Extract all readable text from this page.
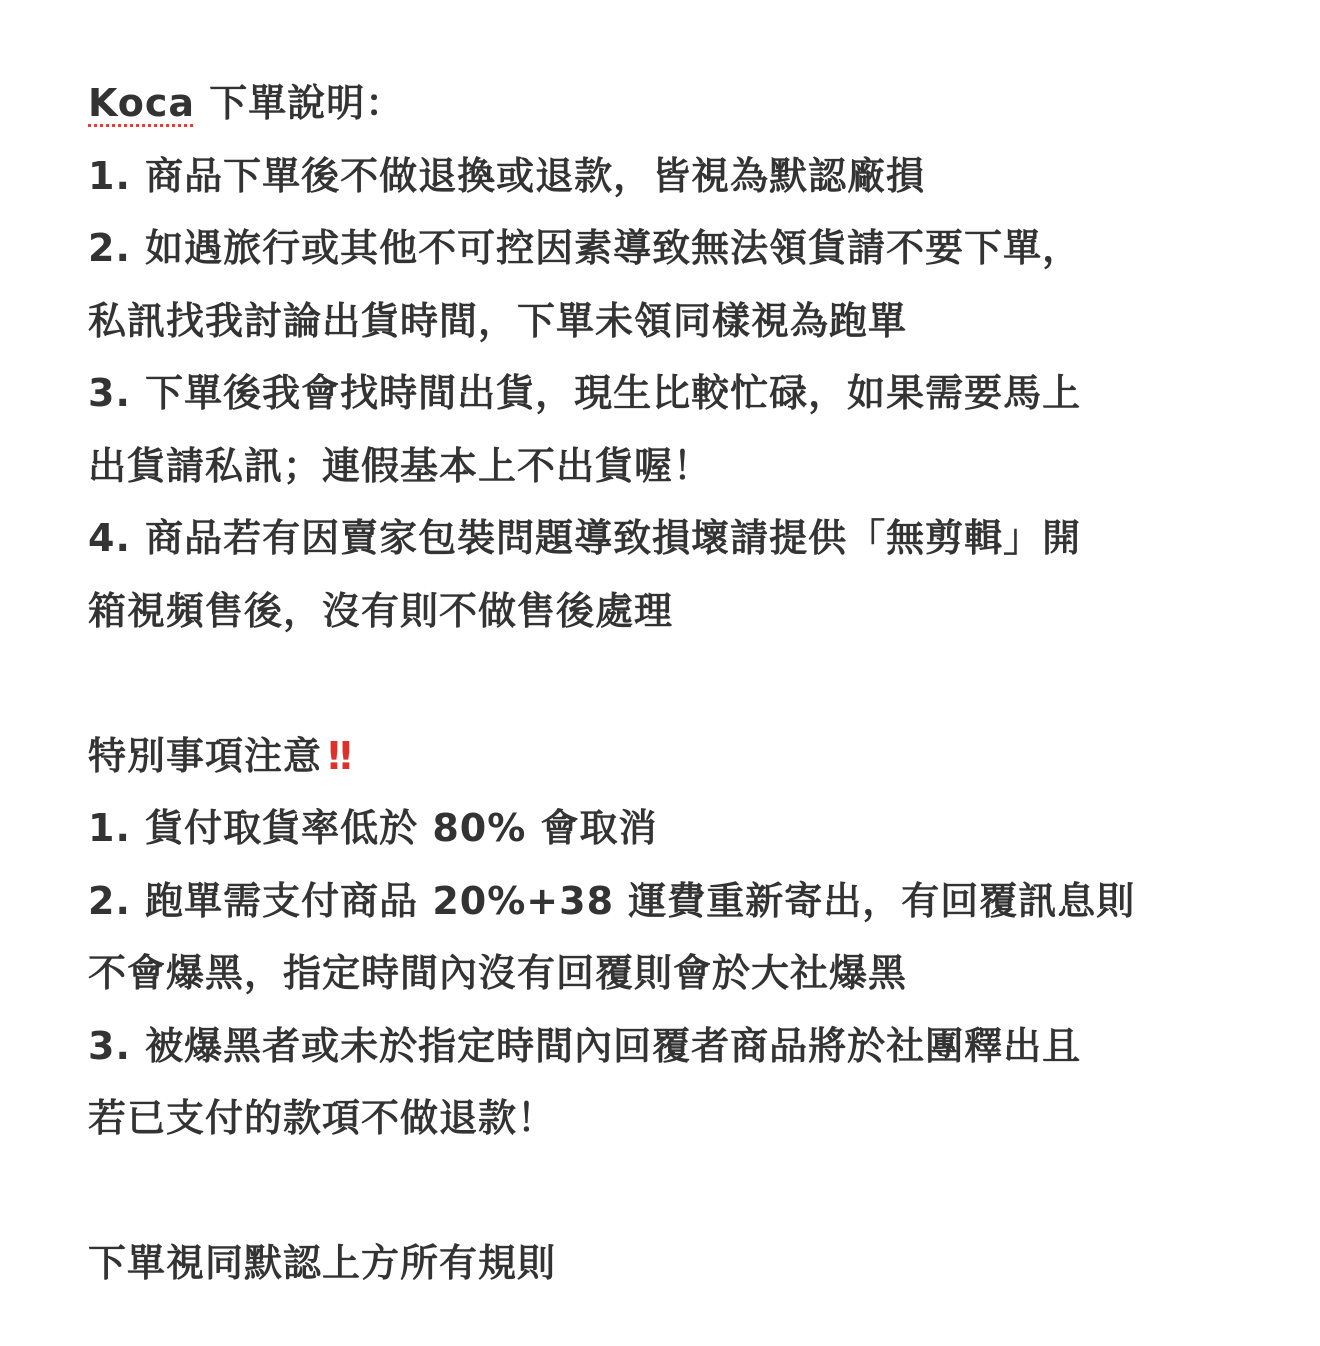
Koca 下單說明：
1. 商品下單後不做退換或退款，皆視為默認廠損
2. 如遇旅行或其他不可控因素導致無法領貨請不要下單，
私訊找我討論出貨時間，下單未領同樣視為跑單
3. 下單後我會找時間出貨，現生比較忙碌，如果需要馬上
出貨請私訊；連假基本上不出貨喔！
4. 商品若有因賣家包裝問題導致損壞請提供「無剪輯」開
箱視頻售後，沒有則不做售後處理
特別事項注意 ‼
1. 貨付取貨率低於 80% 會取消
2. 跑單需支付商品 20%+38 運費重新寄出，有回覆訊息則
不會爆黑，指定時間內沒有回覆則會於大社爆黑
3. 被爆黑者或未於指定時間內回覆者商品將於社團釋出且
若已支付的款項不做退款！
下單視同默認上方所有規則
